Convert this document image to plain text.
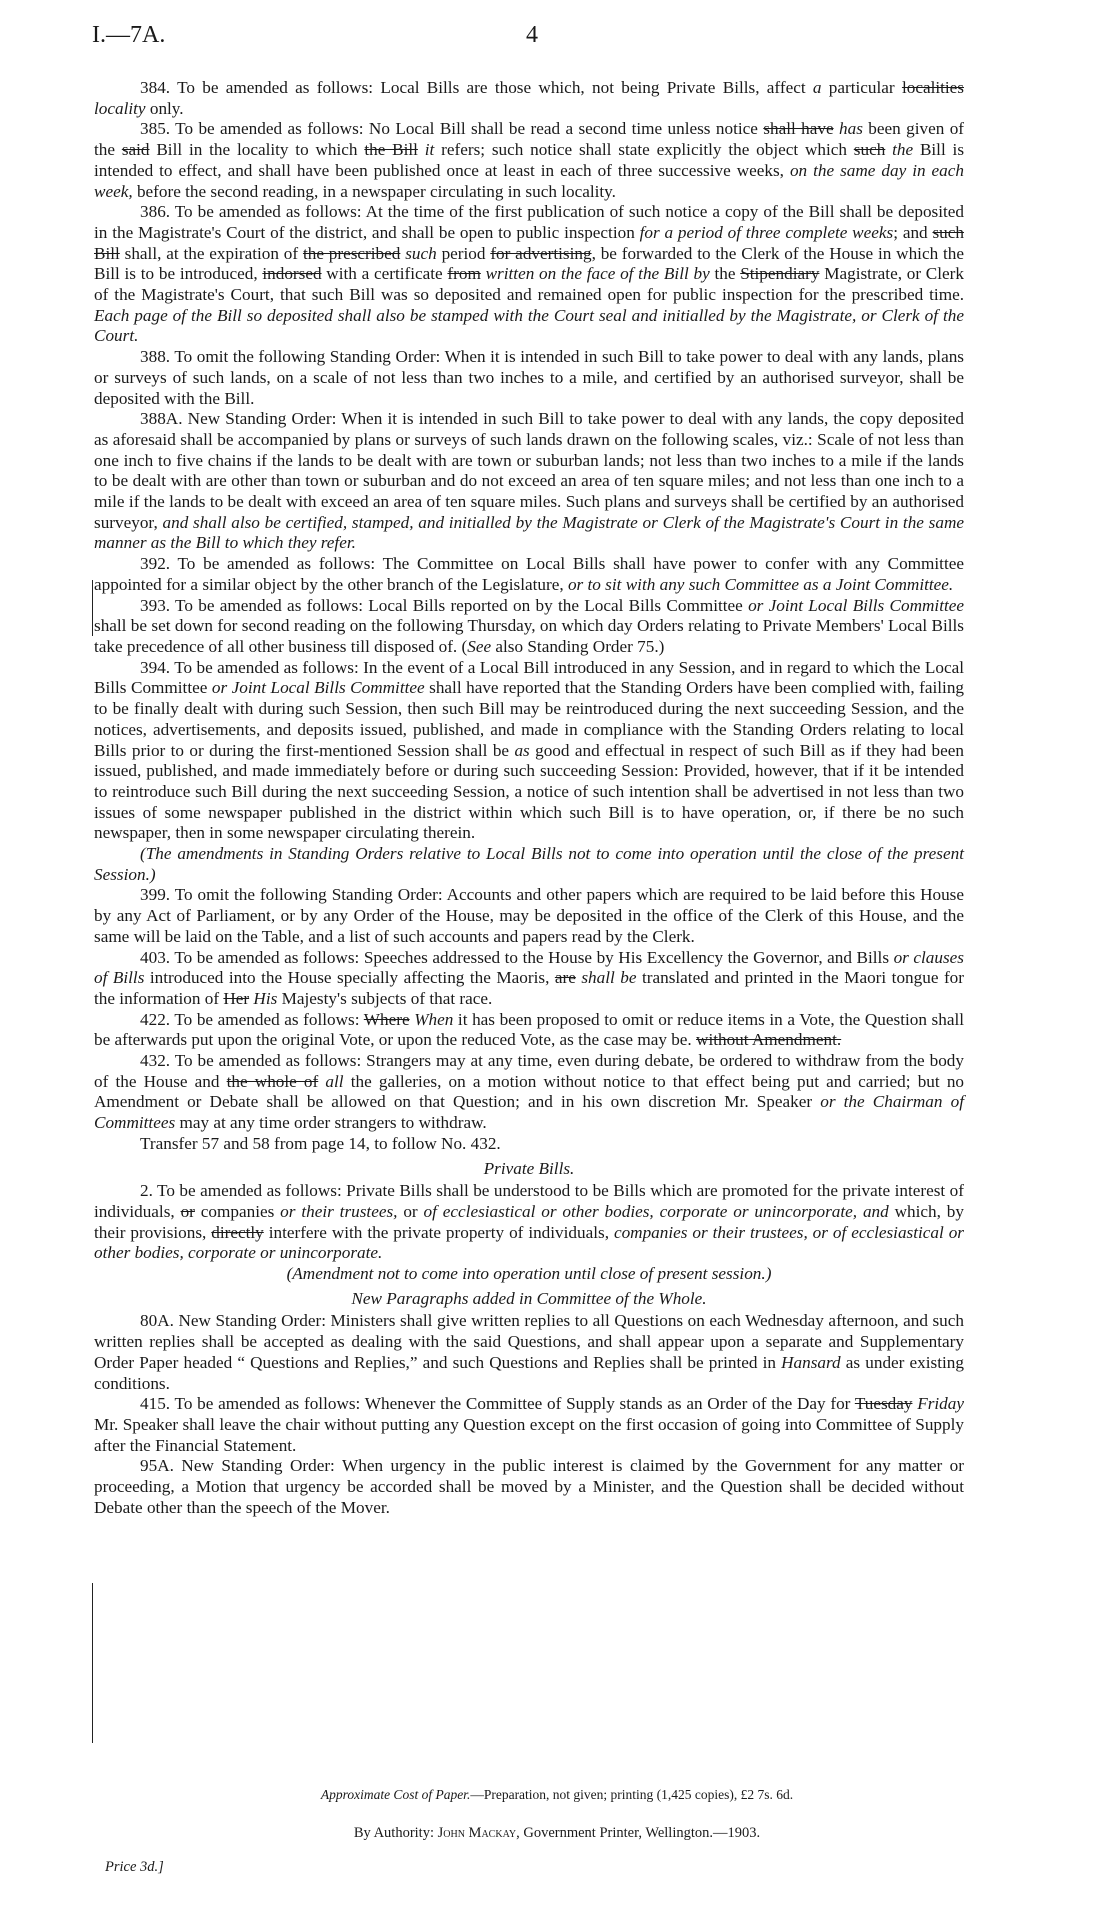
I.—7A.	4

384. To be amended as follows: Local Bills are those which, not being Private Bills, affect a particular localities locality only.

385. To be amended as follows: No Local Bill shall be read a second time unless notice shall have has been given of the said Bill in the locality to which the Bill it refers; such notice shall state explicitly the object which such the Bill is intended to effect, and shall have been published once at least in each of three successive weeks, on the same day in each week, before the second reading, in a newspaper circulating in such locality.

386. To be amended as follows: At the time of the first publication of such notice a copy of the Bill shall be deposited in the Magistrate's Court of the district, and shall be open to public inspection for a period of three complete weeks; and such Bill shall, at the expiration of the prescribed such period for advertising, be forwarded to the Clerk of the House in which the Bill is to be introduced, indorsed with a certificate from written on the face of the Bill by the Stipendiary Magistrate, or Clerk of the Magistrate's Court, that such Bill was so deposited and remained open for public inspection for the prescribed time. Each page of the Bill so deposited shall also be stamped with the Court seal and initialled by the Magistrate, or Clerk of the Court.

388. To omit the following Standing Order: When it is intended in such Bill to take power to deal with any lands, plans or surveys of such lands, on a scale of not less than two inches to a mile, and certified by an authorised surveyor, shall be deposited with the Bill.

388A. New Standing Order: When it is intended in such Bill to take power to deal with any lands, the copy deposited as aforesaid shall be accompanied by plans or surveys of such lands drawn on the following scales, viz.: Scale of not less than one inch to five chains if the lands to be dealt with are town or suburban lands; not less than two inches to a mile if the lands to be dealt with are other than town or suburban and do not exceed an area of ten square miles; and not less than one inch to a mile if the lands to be dealt with exceed an area of ten square miles. Such plans and surveys shall be certified by an authorised surveyor, and shall also be certified, stamped, and initialled by the Magistrate or Clerk of the Magistrate's Court in the same manner as the Bill to which they refer.

392. To be amended as follows: The Committee on Local Bills shall have power to confer with any Committee appointed for a similar object by the other branch of the Legislature, or to sit with any such Committee as a Joint Committee.

393. To be amended as follows: Local Bills reported on by the Local Bills Committee or Joint Local Bills Committee shall be set down for second reading on the following Thursday, on which day Orders relating to Private Members' Local Bills take precedence of all other business till disposed of. (See also Standing Order 75.)

394. To be amended as follows: In the event of a Local Bill introduced in any Session, and in regard to which the Local Bills Committee or Joint Local Bills Committee shall have reported that the Standing Orders have been complied with, failing to be finally dealt with during such Session, then such Bill may be reintroduced during the next succeeding Session, and the notices, advertisements, and deposits issued, published, and made in compliance with the Standing Orders relating to local Bills prior to or during the first-mentioned Session shall be as good and effectual in respect of such Bill as if they had been issued, published, and made immediately before or during such succeeding Session: Provided, however, that if it be intended to reintroduce such Bill during the next succeeding Session, a notice of such intention shall be advertised in not less than two issues of some newspaper published in the district within which such Bill is to have operation, or, if there be no such newspaper, then in some newspaper circulating therein.

(The amendments in Standing Orders relative to Local Bills not to come into operation until the close of the present Session.)

399. To omit the following Standing Order: Accounts and other papers which are required to be laid before this House by any Act of Parliament, or by any Order of the House, may be deposited in the office of the Clerk of this House, and the same will be laid on the Table, and a list of such accounts and papers read by the Clerk.

403. To be amended as follows: Speeches addressed to the House by His Excellency the Governor, and Bills or clauses of Bills introduced into the House specially affecting the Maoris, are shall be translated and printed in the Maori tongue for the information of Her His Majesty's subjects of that race.

422. To be amended as follows: Where When it has been proposed to omit or reduce items in a Vote, the Question shall be afterwards put upon the original Vote, or upon the reduced Vote, as the case may be. without Amendment.

432. To be amended as follows: Strangers may at any time, even during debate, be ordered to withdraw from the body of the House and the whole of all the galleries, on a motion without notice to that effect being put and carried; but no Amendment or Debate shall be allowed on that Question; and in his own discretion Mr. Speaker or the Chairman of Committees may at any time order strangers to withdraw.

Transfer 57 and 58 from page 14, to follow No. 432.

Private Bills.

2. To be amended as follows: Private Bills shall be understood to be Bills which are promoted for the private interest of individuals, or companies or their trustees, or of ecclesiastical or other bodies, corporate or unincorporate, and which, by their provisions, directly interfere with the private property of individuals, companies or their trustees, or of ecclesiastical or other bodies, corporate or unincorporate.

(Amendment not to come into operation until close of present session.)

New Paragraphs added in Committee of the Whole.

80A. New Standing Order: Ministers shall give written replies to all Questions on each Wednesday afternoon, and such written replies shall be accepted as dealing with the said Questions, and shall appear upon a separate and Supplementary Order Paper headed “ Questions and Replies,” and such Questions and Replies shall be printed in Hansard as under existing conditions.

415. To be amended as follows: Whenever the Committee of Supply stands as an Order of the Day for Tuesday Friday Mr. Speaker shall leave the chair without putting any Question except on the first occasion of going into Committee of Supply after the Financial Statement.

95A. New Standing Order: When urgency in the public interest is claimed by the Government for any matter or proceeding, a Motion that urgency be accorded shall be moved by a Minister, and the Question shall be decided without Debate other than the speech of the Mover.

Approximate Cost of Paper.—Preparation, not given; printing (1,425 copies), £2 7s. 6d.
By Authority: John Mackay, Government Printer, Wellington.—1903.
Price 3d.]
